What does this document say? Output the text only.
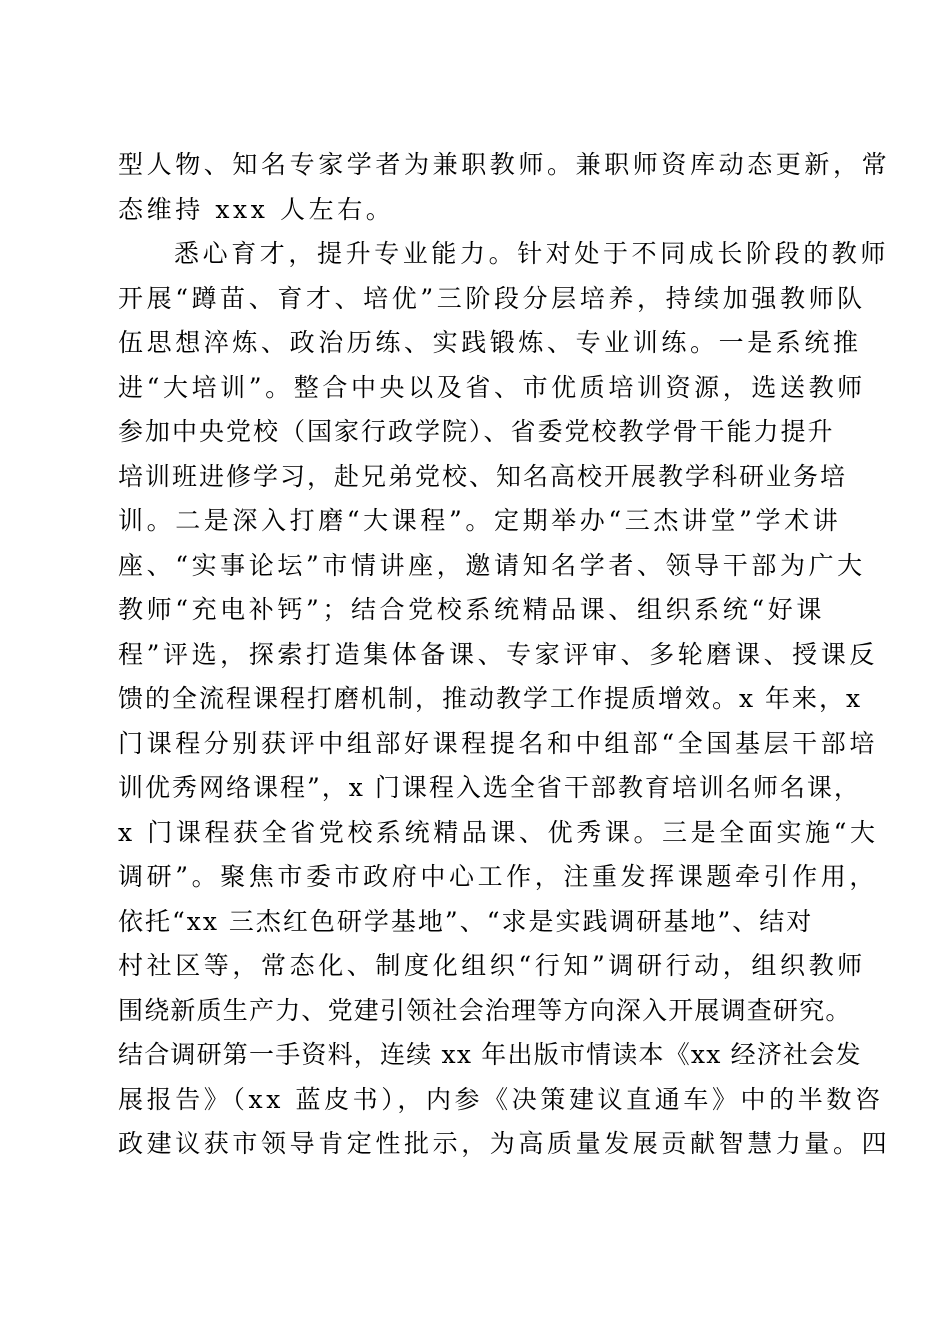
型人物、知名专家学者为兼职教师。兼职师资库动态更新，常
态维持 xxx 人左右。
悉心育才，提升专业能力。针对处于不同成长阶段的教师
开展“蹲苗、育才、培优”三阶段分层培养，持续加强教师队
伍思想淬炼、政治历练、实践锻炼、专业训练。一是系统推
进“大培训”。整合中央以及省、市优质培训资源，选送教师
参加中央党校（国家行政学院）、省委党校教学骨干能力提升
培训班进修学习，赴兄弟党校、知名高校开展教学科研业务培
训。二是深入打磨“大课程”。定期举办“三杰讲堂”学术讲
座、“实事论坛”市情讲座，邀请知名学者、领导干部为广大
教师“充电补钙”；结合党校系统精品课、组织系统“好课
程”评选，探索打造集体备课、专家评审、多轮磨课、授课反
馈的全流程课程打磨机制，推动教学工作提质增效。x 年来，x
门课程分别获评中组部好课程提名和中组部“全国基层干部培
训优秀网络课程”，x 门课程入选全省干部教育培训名师名课，
x 门课程获全省党校系统精品课、优秀课。三是全面实施“大
调研”。聚焦市委市政府中心工作，注重发挥课题牵引作用，
依托“xx 三杰红色研学基地”、“求是实践调研基地”、结对
村社区等，常态化、制度化组织“行知”调研行动，组织教师
围绕新质生产力、党建引领社会治理等方向深入开展调查研究。
结合调研第一手资料，连续 xx 年出版市情读本《xx 经济社会发
展报告》（xx 蓝皮书），内参《决策建议直通车》中的半数咨
政建议获市领导肯定性批示，为高质量发展贡献智慧力量。四
